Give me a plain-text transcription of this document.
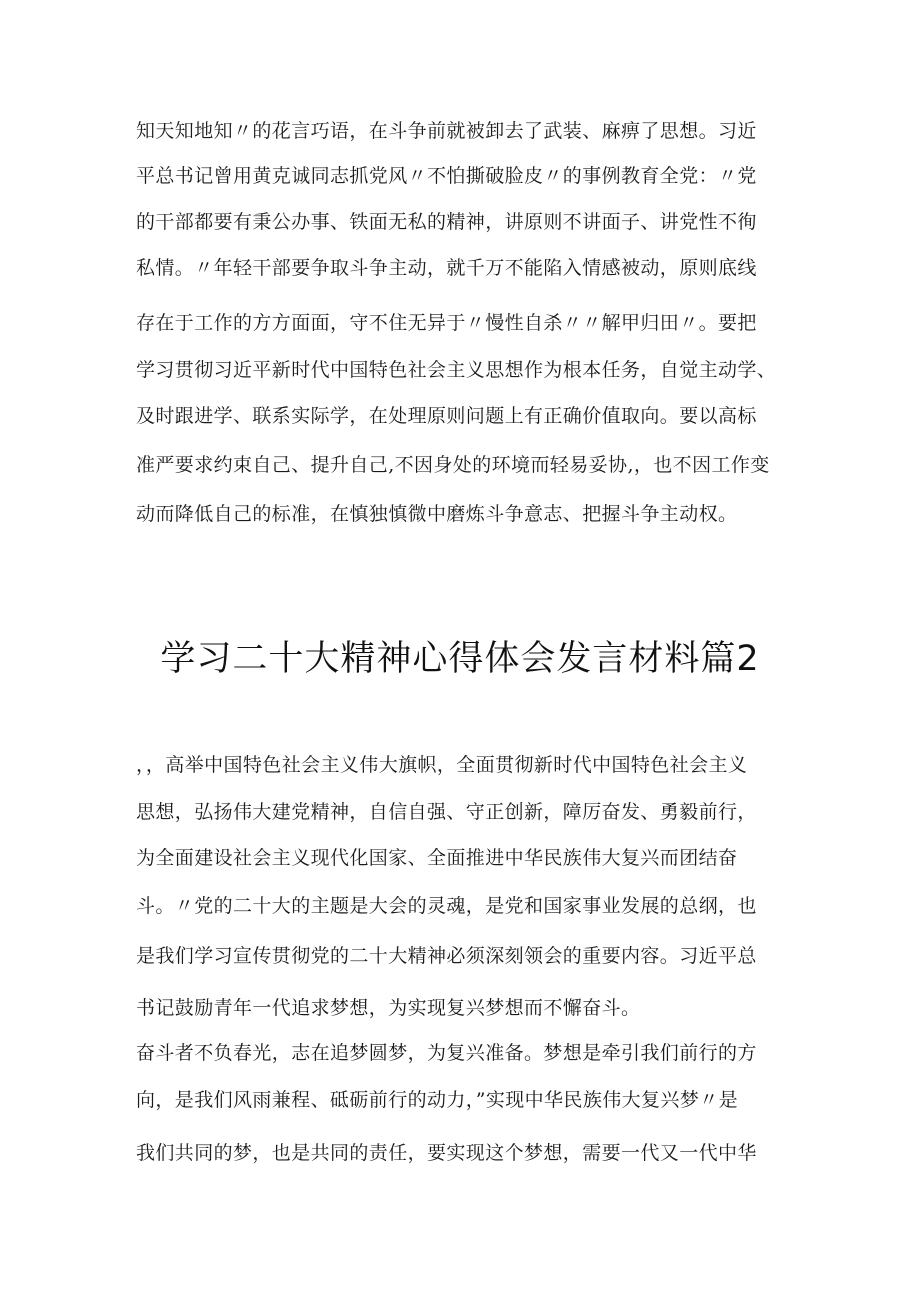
知天知地知〃的花言巧语，在斗争前就被卸去了武装、麻痹了思想。习近
平总书记曾用黄克诚同志抓党风〃不怕撕破脸皮〃的事例教育全党：〃党
的干部都要有秉公办事、铁面无私的精神，讲原则不讲面子、讲党性不徇
私情。〃年轻干部要争取斗争主动，就千万不能陷入情感被动，原则底线
存在于工作的方方面面，守不住无异于〃慢性自杀〃〃解甲归田〃。要把
学习贯彻习近平新时代中国特色社会主义思想作为根本任务，自觉主动学、
及时跟进学、联系实际学，在处理原则问题上有正确价值取向。要以高标
准严要求约束自己、提升自己,不因身处的环境而轻易妥协,，也不因工作变
动而降低自己的标准，在慎独慎微中磨炼斗争意志、把握斗争主动权。
学习二十大精神心得体会发言材料篇2
，，高举中国特色社会主义伟大旗帜，全面贯彻新时代中国特色社会主义
思想，弘扬伟大建党精神，自信自强、守正创新，障厉奋发、勇毅前行，
为全面建设社会主义现代化国家、全面推进中华民族伟大复兴而团结奋
斗。〃党的二十大的主题是大会的灵魂，是党和国家事业发展的总纲，也
是我们学习宣传贯彻党的二十大精神必须深刻领会的重要内容。习近平总
书记鼓励青年一代追求梦想，为实现复兴梦想而不懈奋斗。
奋斗者不负春光，志在追梦圆梦，为复兴准备。梦想是牵引我们前行的方
向，是我们风雨兼程、砥砺前行的动力，”实现中华民族伟大复兴梦〃是
我们共同的梦，也是共同的责任，要实现这个梦想，需要一代又一代中华
